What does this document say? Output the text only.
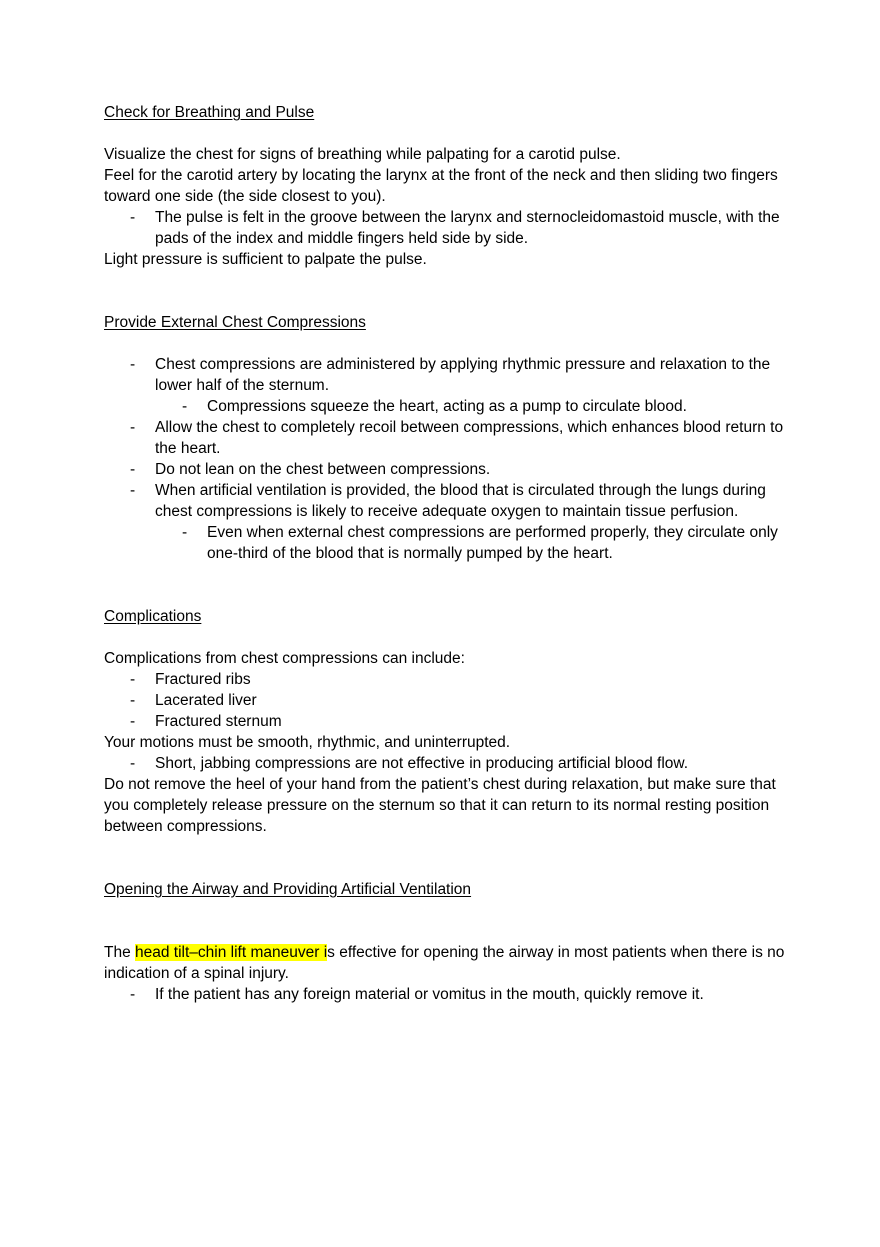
Check for Breathing and Pulse

Visualize the chest for signs of breathing while palpating for a carotid pulse.

Feel for the carotid artery by locating the larynx at the front of the neck and then sliding two fingers toward one side (the side closest to you).

- The pulse is felt in the groove between the larynx and sternocleidomastoid muscle, with the pads of the index and middle fingers held side by side.

Light pressure is sufficient to palpate the pulse.

Provide External Chest Compressions

- Chest compressions are administered by applying rhythmic pressure and relaxation to the lower half of the sternum.

- Compressions squeeze the heart, acting as a pump to circulate blood.

- Allow the chest to completely recoil between compressions, which enhances blood return to the heart.

- Do not lean on the chest between compressions.

- When artificial ventilation is provided, the blood that is circulated through the lungs during chest compressions is likely to receive adequate oxygen to maintain tissue perfusion.

- Even when external chest compressions are performed properly, they circulate only one-third of the blood that is normally pumped by the heart.

Complications

Complications from chest compressions can include:

- Fractured ribs

- Lacerated liver

- Fractured sternum

Your motions must be smooth, rhythmic, and uninterrupted.

- Short, jabbing compressions are not effective in producing artificial blood flow.

Do not remove the heel of your hand from the patient’s chest during relaxation, but make sure that you completely release pressure on the sternum so that it can return to its normal resting position between compressions.

Opening the Airway and Providing Artificial Ventilation

The head tilt–chin lift maneuver is effective for opening the airway in most patients when there is no indication of a spinal injury.

- If the patient has any foreign material or vomitus in the mouth, quickly remove it.
